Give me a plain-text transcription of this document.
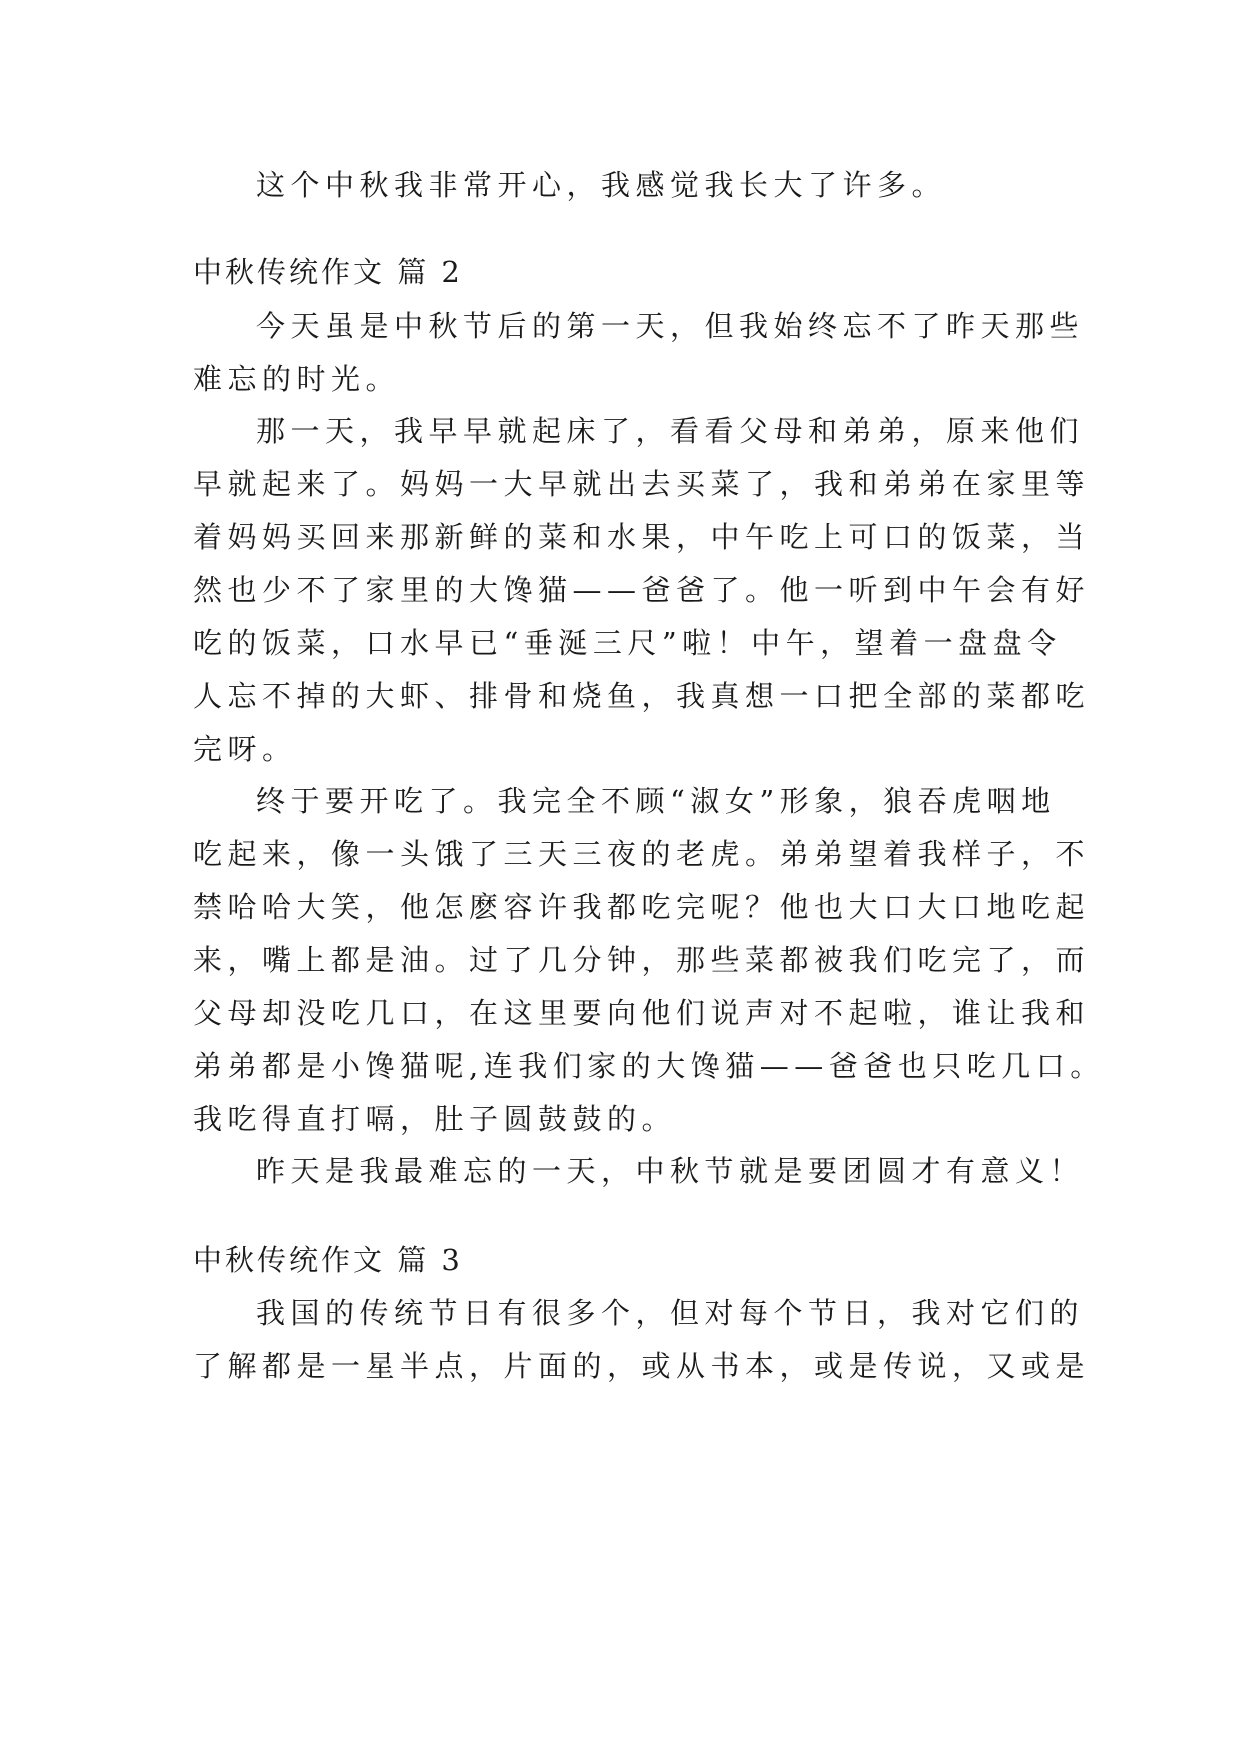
这个中秋我非常开心，我感觉我长大了许多。
中秋传统作文 篇 2
今天虽是中秋节后的第一天，但我始终忘不了昨天那些
难忘的时光。
那一天，我早早就起床了，看看父母和弟弟，原来他们
早就起来了。妈妈一大早就出去买菜了，我和弟弟在家里等
着妈妈买回来那新鲜的菜和水果，中午吃上可口的饭菜，当
然也少不了家里的大馋猫——爸爸了。他一听到中午会有好
吃的饭菜，口水早已“垂涎三尺”啦！中午，望着一盘盘令
人忘不掉的大虾、排骨和烧鱼，我真想一口把全部的菜都吃
完呀。
终于要开吃了。我完全不顾“淑女”形象，狼吞虎咽地
吃起来，像一头饿了三天三夜的老虎。弟弟望着我样子，不
禁哈哈大笑，他怎麽容许我都吃完呢？他也大口大口地吃起
来，嘴上都是油。过了几分钟，那些菜都被我们吃完了，而
父母却没吃几口，在这里要向他们说声对不起啦，谁让我和
弟弟都是小馋猫呢,连我们家的大馋猫——爸爸也只吃几口。
我吃得直打嗝，肚子圆鼓鼓的。
昨天是我最难忘的一天，中秋节就是要团圆才有意义！
中秋传统作文 篇 3
我国的传统节日有很多个，但对每个节日，我对它们的
了解都是一星半点，片面的，或从书本，或是传说，又或是
